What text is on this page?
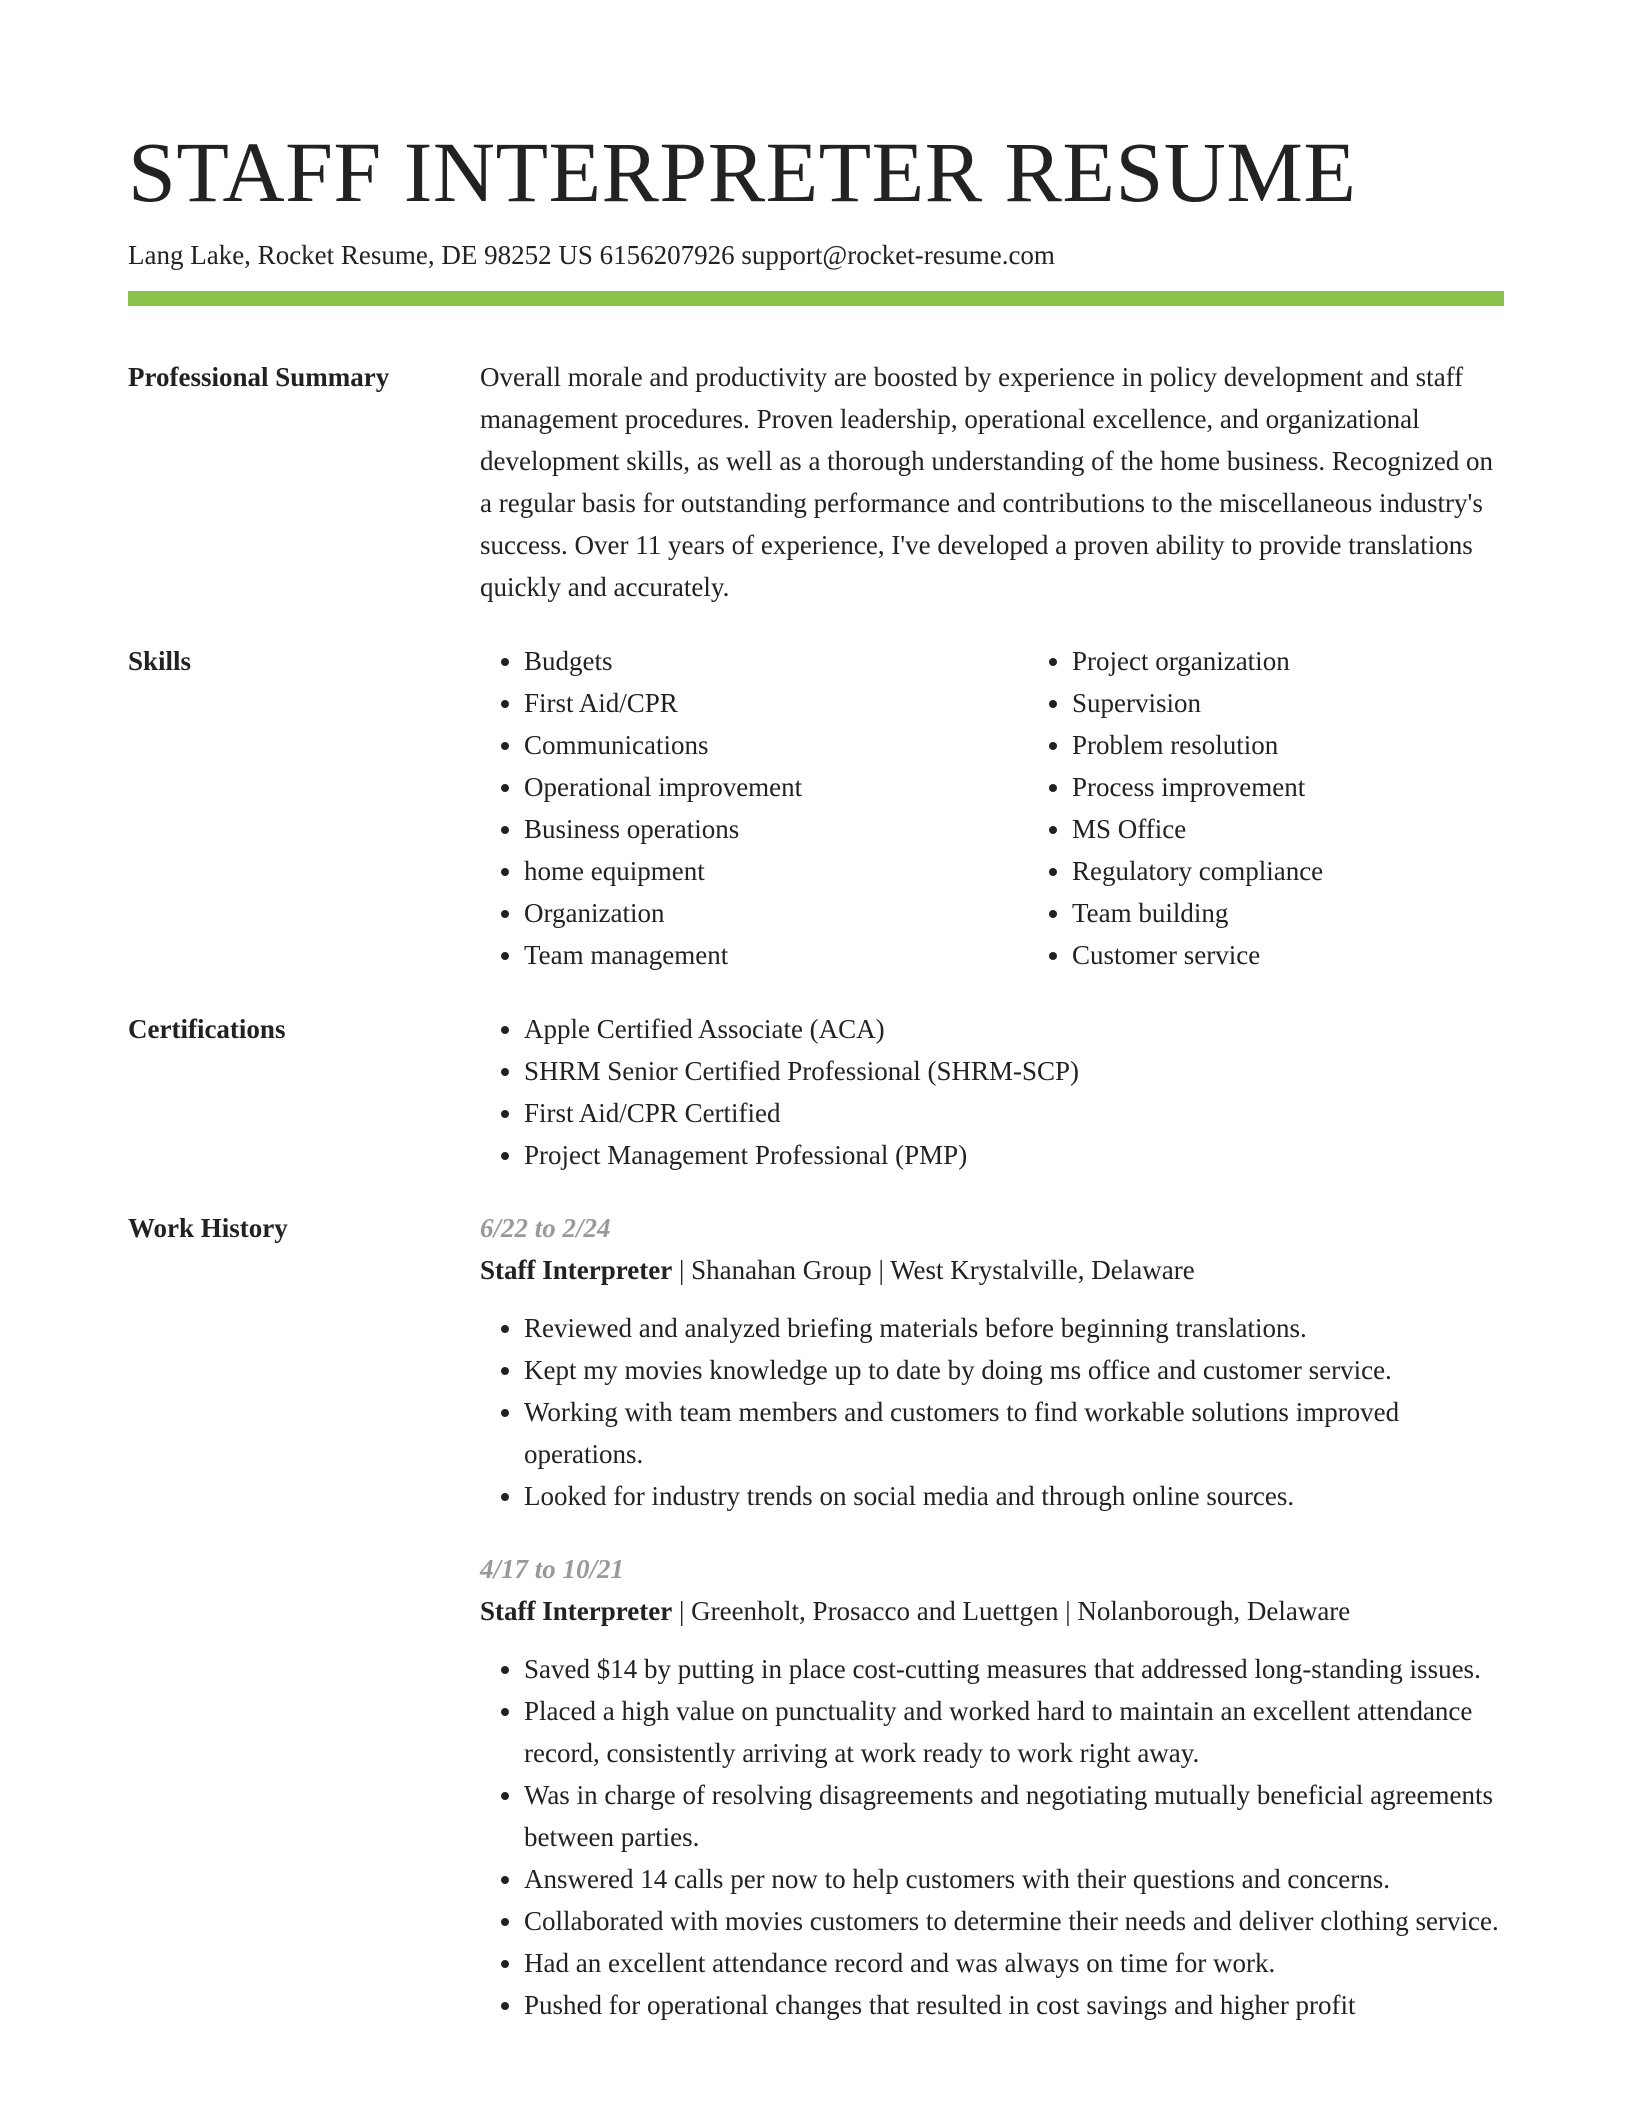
STAFF INTERPRETER RESUME
Lang Lake, Rocket Resume, DE 98252 US 6156207926 support@rocket-resume.com
Professional Summary	Overall morale and productivity are boosted by experience in policy development and staff management procedures. Proven leadership, operational excellence, and organizational development skills, as well as a thorough understanding of the home business. Recognized on a regular basis for outstanding performance and contributions to the miscellaneous industry's success. Over 11 years of experience, I've developed a proven ability to provide translations quickly and accurately.

Skills	• Budgets
• First Aid/CPR
• Communications
• Operational improvement
• Business operations
• home equipment
• Organization
• Team management
• Project organization
• Supervision
• Problem resolution
• Process improvement
• MS Office
• Regulatory compliance
• Team building
• Customer service
Certifications	• Apple Certified Associate (ACA)
• SHRM Senior Certified Professional (SHRM-SCP)
• First Aid/CPR Certified
• Project Management Professional (PMP)
Work History	6/22 to 2/24
Staff Interpreter | Shanahan Group | West Krystalville, Delaware
• Reviewed and analyzed briefing materials before beginning translations.
• Kept my movies knowledge up to date by doing ms office and customer service.
• Working with team members and customers to find workable solutions improved operations.
• Looked for industry trends on social media and through online sources.
4/17 to 10/21
Staff Interpreter | Greenholt, Prosacco and Luettgen | Nolanborough, Delaware
• Saved $14 by putting in place cost-cutting measures that addressed long-standing issues.
• Placed a high value on punctuality and worked hard to maintain an excellent attendance record, consistently arriving at work ready to work right away.
• Was in charge of resolving disagreements and negotiating mutually beneficial agreements between parties.
• Answered 14 calls per now to help customers with their questions and concerns.
• Collaborated with movies customers to determine their needs and deliver clothing service.
• Had an excellent attendance record and was always on time for work.
• Pushed for operational changes that resulted in cost savings and higher profit
